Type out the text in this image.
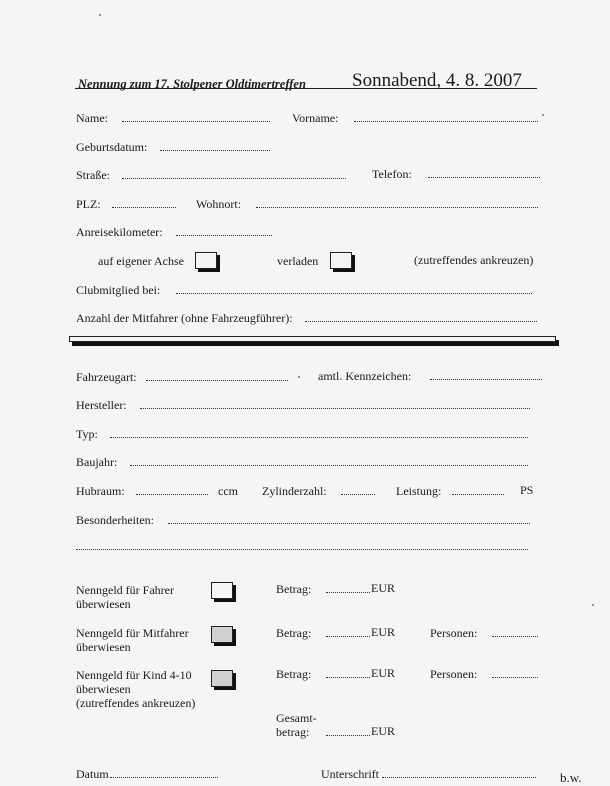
Nennung zum 17. Stolpener Oldtimertreffen Sonnabend, 4. 8. 2007
Name:	Vorname:
Geburtsdatum:
Straße:	Telefon:
PLZ:	Wohnort:
Anreisekilometer:
auf eigener Achse	verladen	(zutreffendes ankreuzen)
Clubmitglied bei:
Anzahl der Mitfahrer (ohne Fahrzeugführer):
Fahrzeugart:	amtl. Kennzeichen:
Hersteller:
Typ:
Baujahr:
Hubraum:	ccm Zylinderzahl:	Leistung:	PS
Besonderheiten:
Nenngeld für Fahrer
überwiesen
Betrag:	EUR
Nenngeld für Mitfahrer
überwiesen
Betrag:	EUR	Personen:
Nenngeld für Kind 4-10
überwiesen
(zutreffendes ankreuzen)
Betrag:	EUR	Personen:
Gesamt-
betrag:	EUR
Datum	Unterschrift	b.w.
